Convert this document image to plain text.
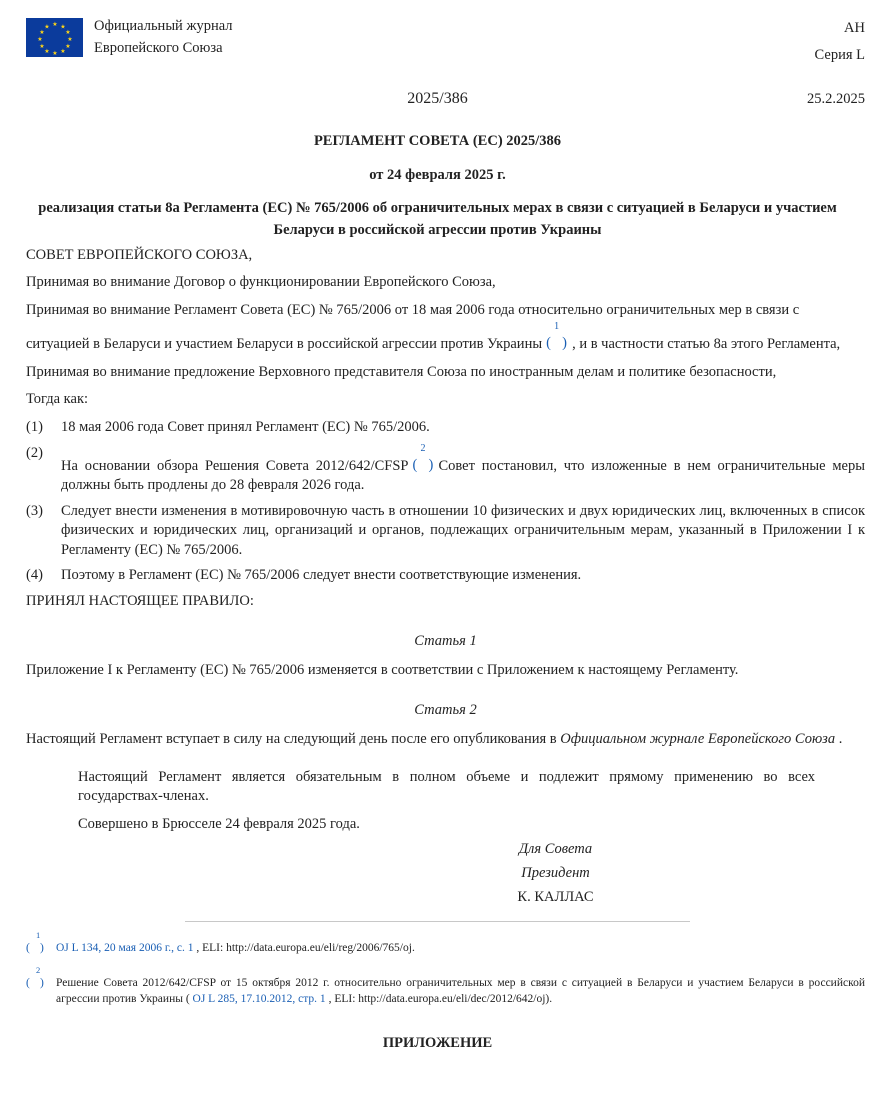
★ ★
★
★
★
★
★
★
★
★
★
★	Официальный журнал
Европейского Союза
АН
Серия L
2025/386	25.2.2025
РЕГЛАМЕНТ СОВЕТА (ЕС) 2025/386
от 24 февраля 2025 г.
реализация статьи 8а Регламента (ЕС) № 765/2006 об ограничительных мерах в связи с ситуацией в Беларуси и участием Беларуси в российской агрессии против Украины

СОВЕТ ЕВРОПЕЙСКОГО СОЮЗА,

Принимая во внимание Договор о функционировании Европейского Союза,

Принимая во внимание Регламент Совета (ЕС) № 765/2006 от 18 мая 2006 года относительно ограничительных мер в связи с

ситуацией в Беларуси и участием Беларуси в российской агрессии против Украины
1
( ) , и в частности статью 8а этого Регламента,

Принимая во внимание предложение Верховного представителя Союза по иностранным делам и политике безопасности,

Тогда как:

(1)	18 мая 2006 года Совет принял Регламент (ЕС) № 765/2006.
(2)
На основании обзора Решения Совета 2012/642/CFSP
2
( ) Совет постановил, что изложенные в нем ограничительные меры должны быть продлены до 28 февраля 2026 года.
(3)	Следует внести изменения в мотивировочную часть в отношении 10 физических и двух юридических лиц, включенных в список физических и юридических лиц, организаций и органов, подлежащих ограничительным мерам, указанный в Приложении I к Регламенту (ЕС) № 765/2006.
(4)	Поэтому в Регламент (ЕС) № 765/2006 следует внести соответствующие изменения.

ПРИНЯЛ НАСТОЯЩЕЕ ПРАВИЛО:

Статья 1

Приложение I к Регламенту (ЕС) № 765/2006 изменяется в соответствии с Приложением к настоящему Регламенту.

Статья 2

Настоящий Регламент вступает в силу на следующий день после его опубликования в Официальном журнале Европейского Союза .

Настоящий Регламент является обязательным в полном объеме и подлежит прямому применению во всех государствах-членах.

Совершено в Брюсселе 24 февраля 2025 года.

Для Совета
Президент
К. КАЛЛАС
1
( ) OJ L 134, 20 мая 2006 г., с. 1 , ELI: http://data.europa.eu/eli/reg/2006/765/oj.
2
( ) Решение Совета 2012/642/CFSP от 15 октября 2012 г. относительно ограничительных мер в связи с ситуацией в Беларуси и участием Беларуси в российской агрессии против Украины ( OJ L 285, 17.10.2012, стр. 1 , ELI: http://data.europa.eu/eli/dec/2012/642/oj).
ПРИЛОЖЕНИЕ
